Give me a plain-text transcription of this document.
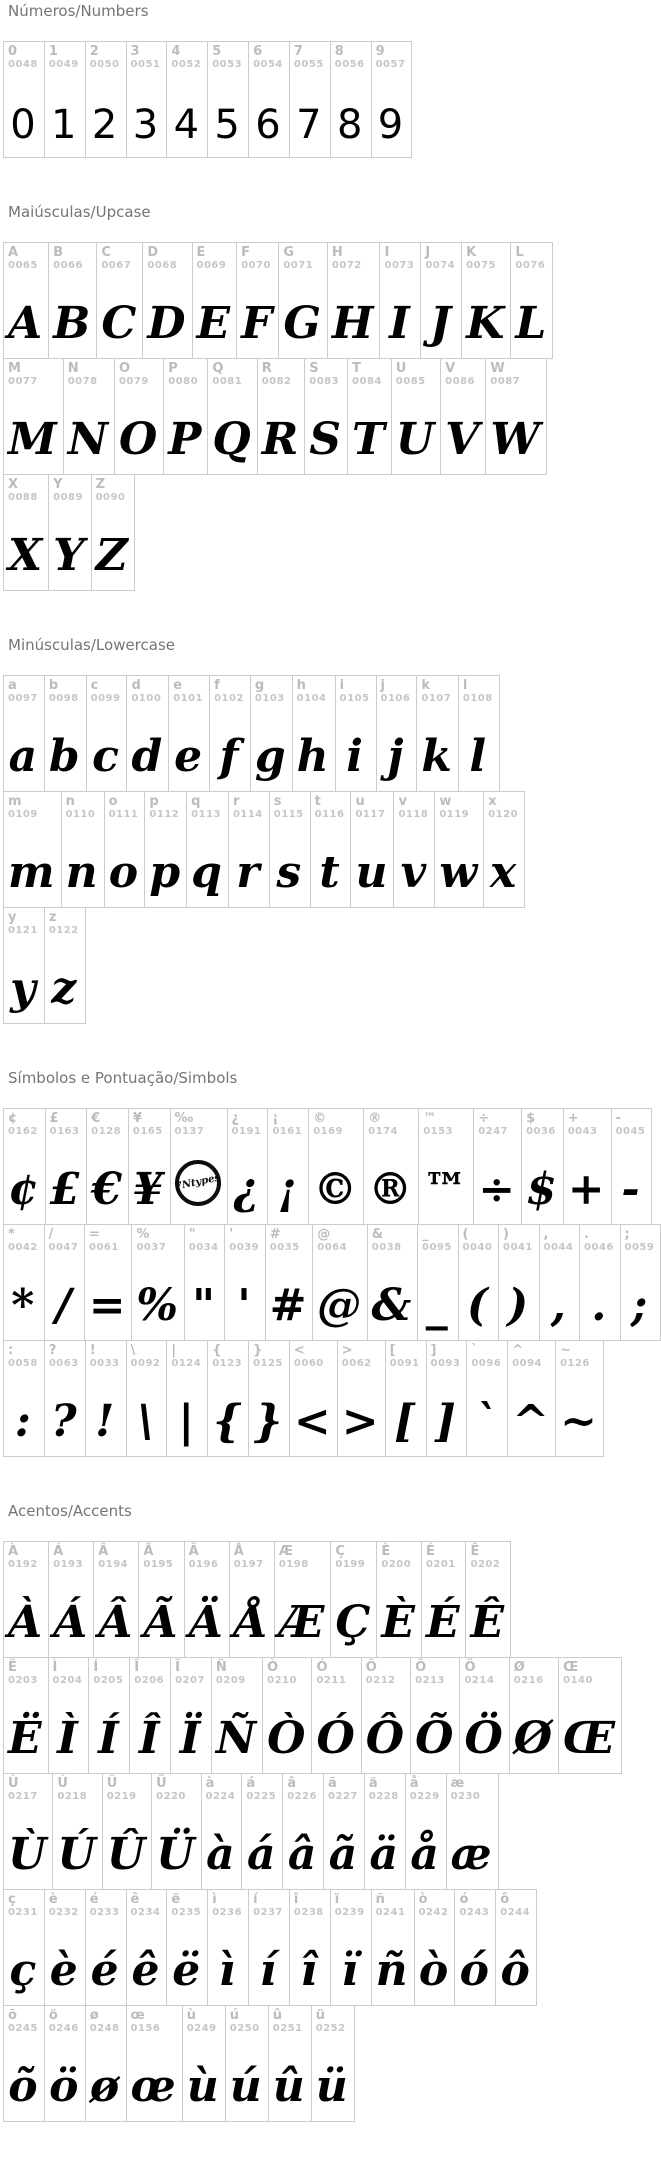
Números/Numbers
0
0048
0
1
0049
1
2
0050
2
3
0051
3
4
0052
4
5
0053
5
6
0054
6
7
0055
7
8
0056
8
9
0057
9
Maiúsculas/Upcase
A
0065
A
B
0066
B
C
0067
C
D
0068
D
E
0069
E
F
0070
F
G
0071
G
H
0072
H
I
0073
I
J
0074
J
K
0075
K
L
0076
L
M
0077
M
N
0078
N
O
0079
O
P
0080
P
Q
0081
Q
R
0082
R
S
0083
S
T
0084
T
U
0085
U
V
0086
V
W
0087
W
X
0088
X
Y
0089
Y
Z
0090
Z
Minúsculas/Lowercase
a
0097
a
b
0098
b
c
0099
c
d
0100
d
e
0101
e
f
0102
f
g
0103
g
h
0104
h
i
0105
i
j
0106
j
k
0107
k
l
0108
l
m
0109
m
n
0110
n
o
0111
o
p
0112
p
q
0113
q
r
0114
r
s
0115
s
t
0116
t
u
0117
u
v
0118
v
w
0119
w
x
0120
x
y
0121
y
z
0122
z
Símbolos e Pontuação/Simbols
¢
0162
¢
£
0163
£
€
0128
€
¥
0165
¥
‰
0137
7Ntypes
¿
0191
¿
¡
0161
¡
©
0169
©
®
0174
®
™
0153
™
÷
0247
÷
$
0036
$
+
0043
+
-
0045
-
*
0042
*
/
0047
/
=
0061
=
%
0037
%
"
0034
"
'
0039
'
#
0035
#
@
0064
@
&
0038
&
_
0095
_
(
0040
(
)
0041
)
,
0044
,
.
0046
.
;
0059
;
:
0058
:
?
0063
?
!
0033
!
\
0092
\
|
0124
|
{
0123
{
}
0125
}
<
0060
<
>
0062
>
[
0091
[
]
0093
]
`
0096
`
^
0094
^
~
0126
~
Acentos/Accents
À
0192
À
Á
0193
Á
Â
0194
Â
Ã
0195
Ã
Ä
0196
Ä
Å
0197
Å
Æ
0198
Æ
Ç
0199
Ç
È
0200
È
É
0201
É
Ê
0202
Ê
Ë
0203
Ë
Ì
0204
Ì
Í
0205
Í
Î
0206
Î
Ï
0207
Ï
Ñ
0209
Ñ
Ò
0210
Ò
Ó
0211
Ó
Ô
0212
Ô
Õ
0213
Õ
Ö
0214
Ö
Ø
0216
Ø
Œ
0140
Œ
Ù
0217
Ù
Ú
0218
Ú
Û
0219
Û
Ü
0220
Ü
à
0224
à
á
0225
á
â
0226
â
ã
0227
ã
ä
0228
ä
å
0229
å
æ
0230
æ
ç
0231
ç
è
0232
è
é
0233
é
ê
0234
ê
ë
0235
ë
ì
0236
ì
í
0237
í
î
0238
î
ï
0239
ï
ñ
0241
ñ
ò
0242
ò
ó
0243
ó
ô
0244
ô
õ
0245
õ
ö
0246
ö
ø
0248
ø
œ
0156
œ
ù
0249
ù
ú
0250
ú
û
0251
û
ü
0252
ü
